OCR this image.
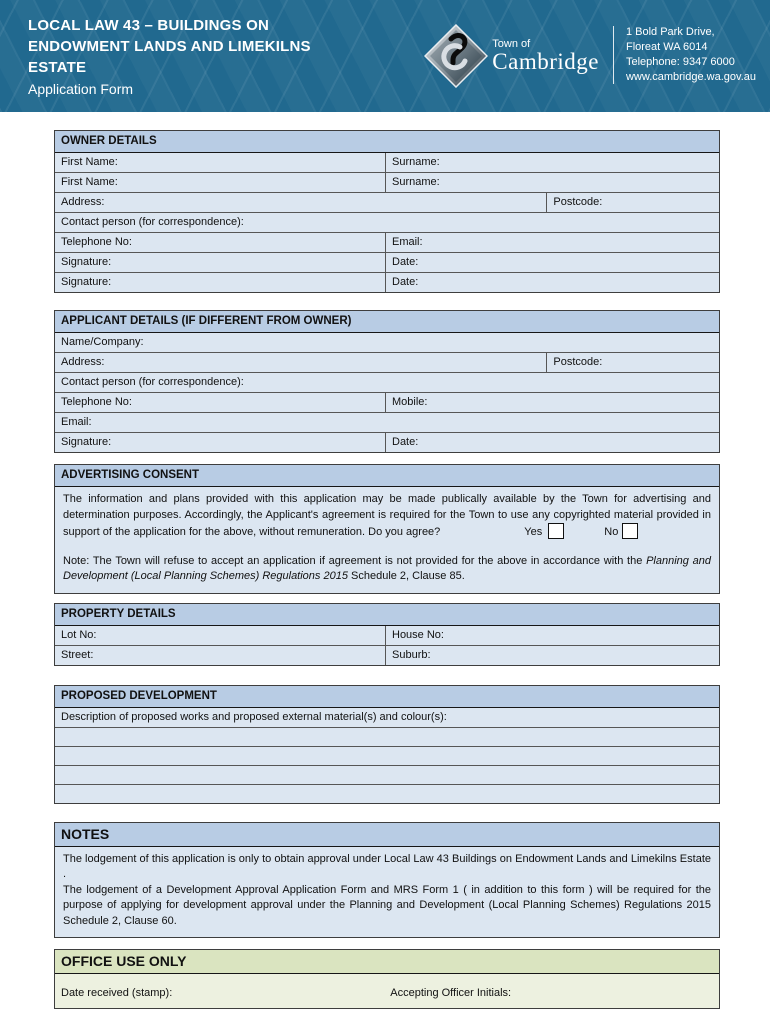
LOCAL LAW 43 – BUILDINGS ON
ENDOWMENT LANDS AND LIMEKILNS
ESTATE
Application Form
Town of
Cambridge
1 Bold Park Drive,
Floreat WA 6014
Telephone: 9347 6000
www.cambridge.wa.gov.au
OWNER DETAILS
First Name:	Surname:
First Name:	Surname:
Address:	Postcode:
Contact person (for correspondence):
Telephone No:	Email:
Signature:	Date:
Signature:	Date:
APPLICANT DETAILS (IF DIFFERENT FROM OWNER)
Name/Company:
Address:	Postcode:
Contact person (for correspondence):
Telephone No:	Mobile:
Email:
Signature:	Date:
ADVERTISING CONSENT

The information and plans provided with this application may be made publically available by the Town for advertising and determination purposes. Accordingly, the Applicant's agreement is required for the Town to use any copyrighted material provided in support of the application for the above, without remuneration. Do you agree?	Yes	No

Note: The Town will refuse to accept an application if agreement is not provided for the above in accordance with the Planning and Development (Local Planning Schemes) Regulations 2015 Schedule 2, Clause 85.

PROPERTY DETAILS
Lot No:	House No:
Street:	Suburb:
PROPOSED DEVELOPMENT
Description of proposed works and proposed external material(s) and colour(s):
NOTES

The lodgement of this application is only to obtain approval under Local Law 43 Buildings on Endowment Lands and Limekilns Estate .

The lodgement of a Development Approval Application Form and MRS Form 1 ( in addition to this form ) will be required for the purpose of applying for development approval under the Planning and Development (Local Planning Schemes) Regulations 2015 Schedule 2, Clause 60.

OFFICE USE ONLY
Date received (stamp):	Accepting Officer Initials:
